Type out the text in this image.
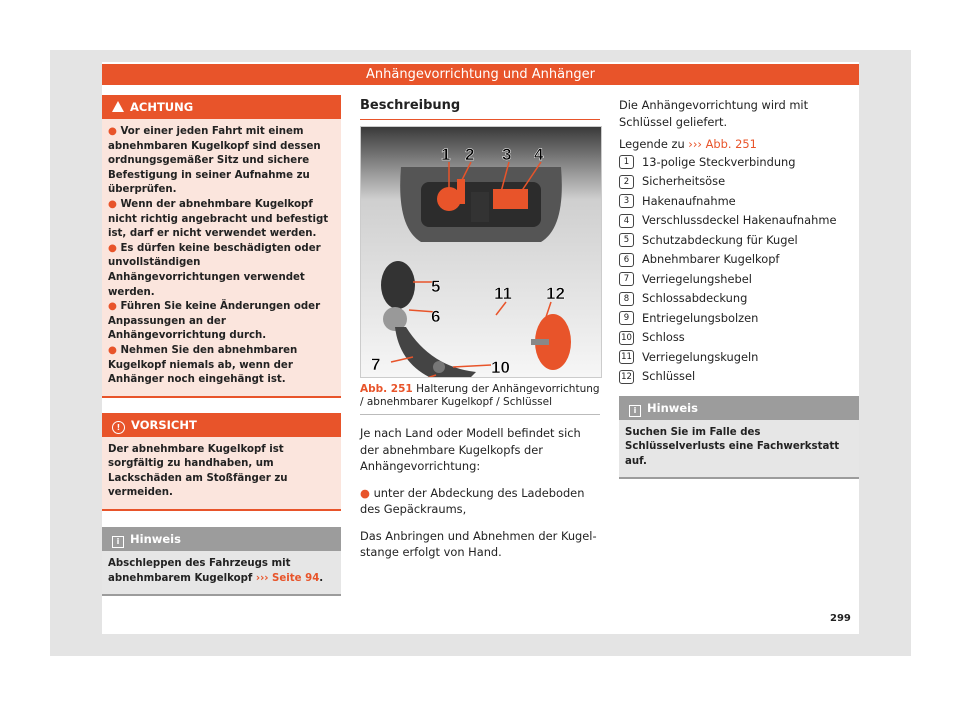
Anhängevorrichtung und Anhänger
ACHTUNG
● Vor einer jeden Fahrt mit einem abnehmbaren Kugelkopf sind dessen ordnungsgemäßer Sitz und sichere Befestigung in seiner Aufnahme zu überprüfen.
● Wenn der abnehmbare Kugelkopf nicht richtig angebracht und befestigt ist, darf er nicht verwendet werden.
● Es dürfen keine beschädigten oder unvollständigen Anhängevorrichtungen verwendet werden.
● Führen Sie keine Änderungen oder Anpassungen an der Anhängevorrichtung durch.
● Nehmen Sie den abnehmbaren Kugelkopf niemals ab, wenn der Anhänger noch eingehängt ist.
! VORSICHT
Der abnehmbare Kugelkopf ist sorgfältig zu handhaben, um Lackschäden am Stoßfänger zu vermeiden.
i Hinweis
Abschleppen des Fahrzeugs mit abnehmbarem Kugelkopf ››› Seite 94.
Beschreibung
1 2 3 4
5
6
7	10
11 12
Abb. 251 Halterung der Anhängevorrichtung / abnehmbarer Kugelkopf / Schlüssel
Je nach Land oder Modell befindet sich der abnehmbare Kugelkopfs der Anhängevorrichtung:
● unter der Abdeckung des Ladeboden des Gepäckraums,
Das Anbringen und Abnehmen der Kugelstange erfolgt von Hand.
Die Anhängevorrichtung wird mit Schlüssel geliefert.
Legende zu ››› Abb. 251
1	13-polige Steckverbindung
2	Sicherheitsöse
3	Hakenaufnahme
4	Verschlussdeckel Hakenaufnahme
5	Schutzabdeckung für Kugel
6	Abnehmbarer Kugelkopf
7	Verriegelungshebel
8	Schlossabdeckung
9	Entriegelungsbolzen
10 Schloss
11 Verriegelungskugeln
12 Schlüssel
i Hinweis
Suchen Sie im Falle des Schlüsselverlusts eine Fachwerkstatt auf.
299
